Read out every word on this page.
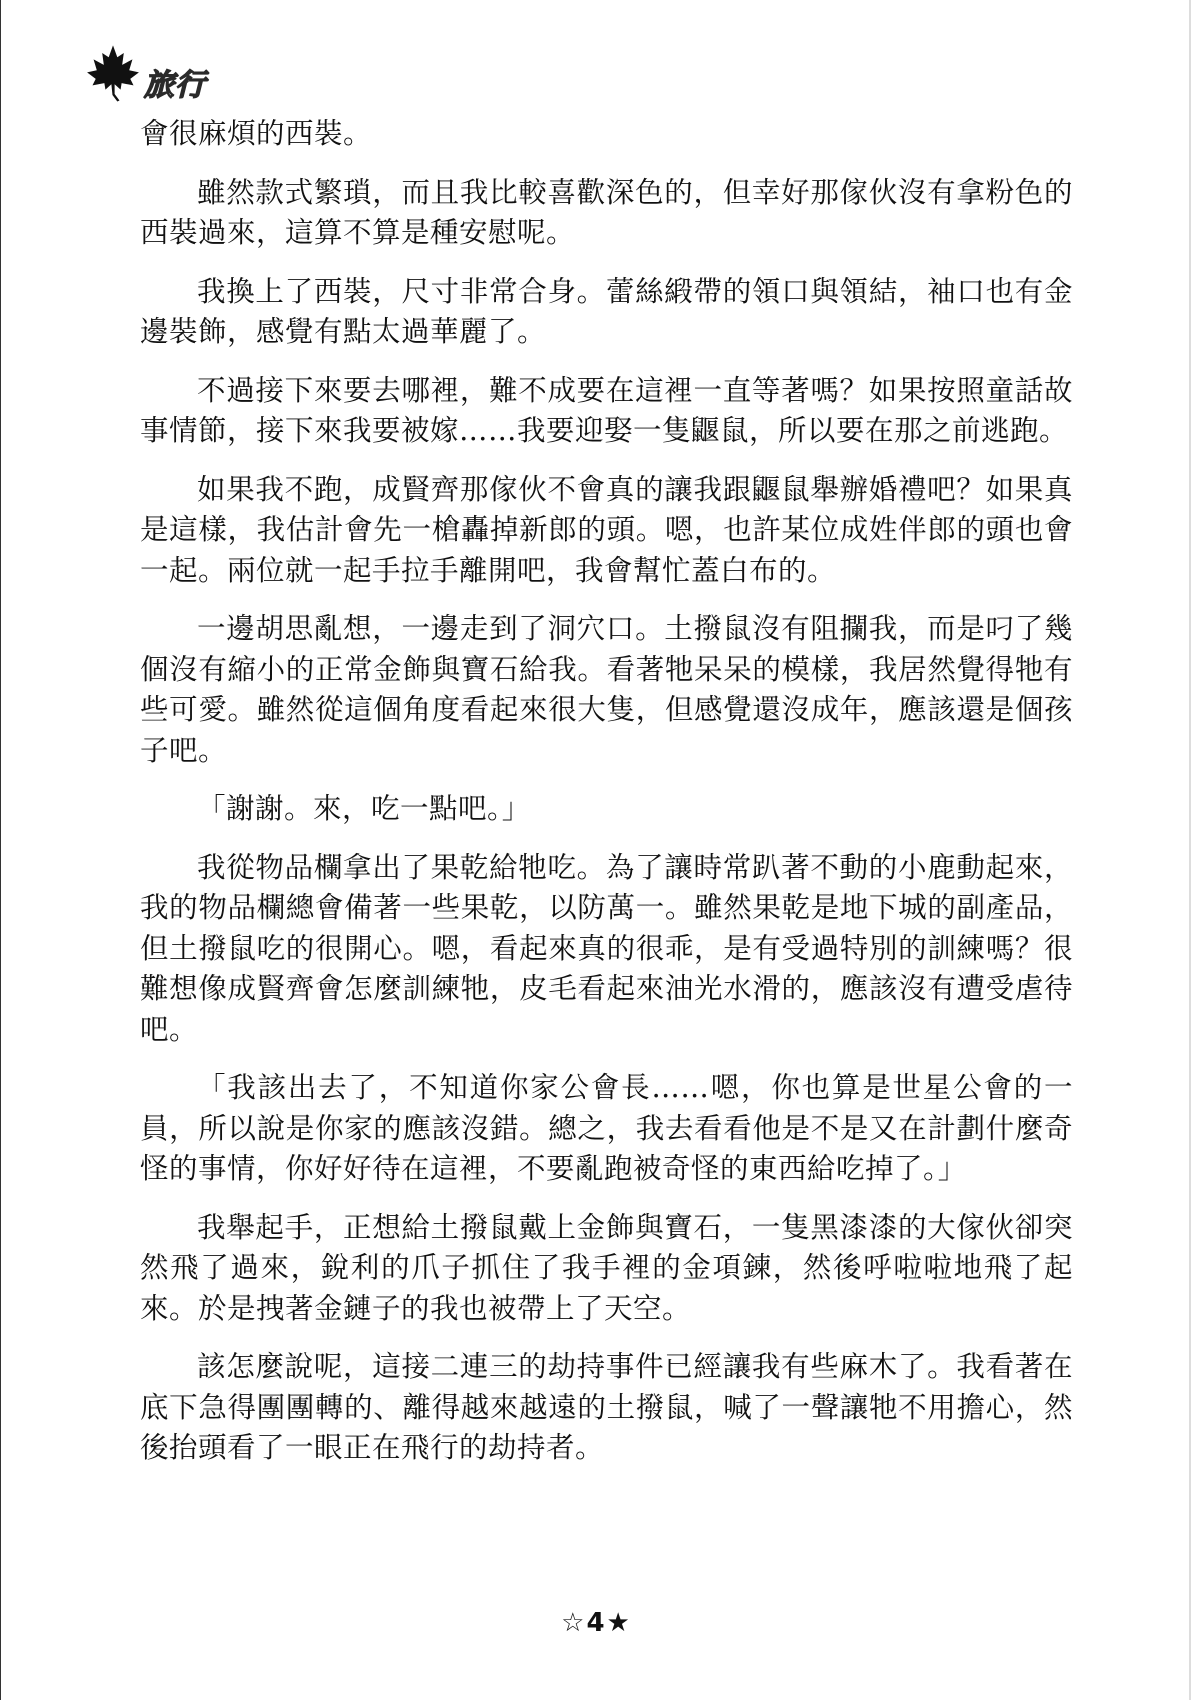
旅行

會很麻煩的西裝。

雖然款式繁瑣，而且我比較喜歡深色的，但幸好那傢伙沒有拿粉色的西裝過來，這算不算是種安慰呢。

我換上了西裝，尺寸非常合身。蕾絲緞帶的領口與領結，袖口也有金邊裝飾，感覺有點太過華麗了。

不過接下來要去哪裡，難不成要在這裡一直等著嗎？如果按照童話故事情節，接下來我要被嫁……我要迎娶一隻鼴鼠，所以要在那之前逃跑。

如果我不跑，成賢齊那傢伙不會真的讓我跟鼴鼠舉辦婚禮吧？如果真是這樣，我估計會先一槍轟掉新郎的頭。嗯，也許某位成姓伴郎的頭也會一起。兩位就一起手拉手離開吧，我會幫忙蓋白布的。

一邊胡思亂想，一邊走到了洞穴口。土撥鼠沒有阻攔我，而是叼了幾個沒有縮小的正常金飾與寶石給我。看著牠呆呆的模樣，我居然覺得牠有些可愛。雖然從這個角度看起來很大隻，但感覺還沒成年，應該還是個孩子吧。

「謝謝。來，吃一點吧。」

我從物品欄拿出了果乾給牠吃。為了讓時常趴著不動的小鹿動起來，我的物品欄總會備著一些果乾，以防萬一。雖然果乾是地下城的副產品，但土撥鼠吃的很開心。嗯，看起來真的很乖，是有受過特別的訓練嗎？很難想像成賢齊會怎麼訓練牠，皮毛看起來油光水滑的，應該沒有遭受虐待吧。

「我該出去了，不知道你家公會長……嗯，你也算是世星公會的一員，所以說是你家的應該沒錯。總之，我去看看他是不是又在計劃什麼奇怪的事情，你好好待在這裡，不要亂跑被奇怪的東西給吃掉了。」

我舉起手，正想給土撥鼠戴上金飾與寶石，一隻黑漆漆的大傢伙卻突然飛了過來，銳利的爪子抓住了我手裡的金項鍊，然後呼啦啦地飛了起來。於是拽著金鏈子的我也被帶上了天空。

該怎麼說呢，這接二連三的劫持事件已經讓我有些麻木了。我看著在底下急得團團轉的、離得越來越遠的土撥鼠，喊了一聲讓牠不用擔心，然後抬頭看了一眼正在飛行的劫持者。

☆4★
